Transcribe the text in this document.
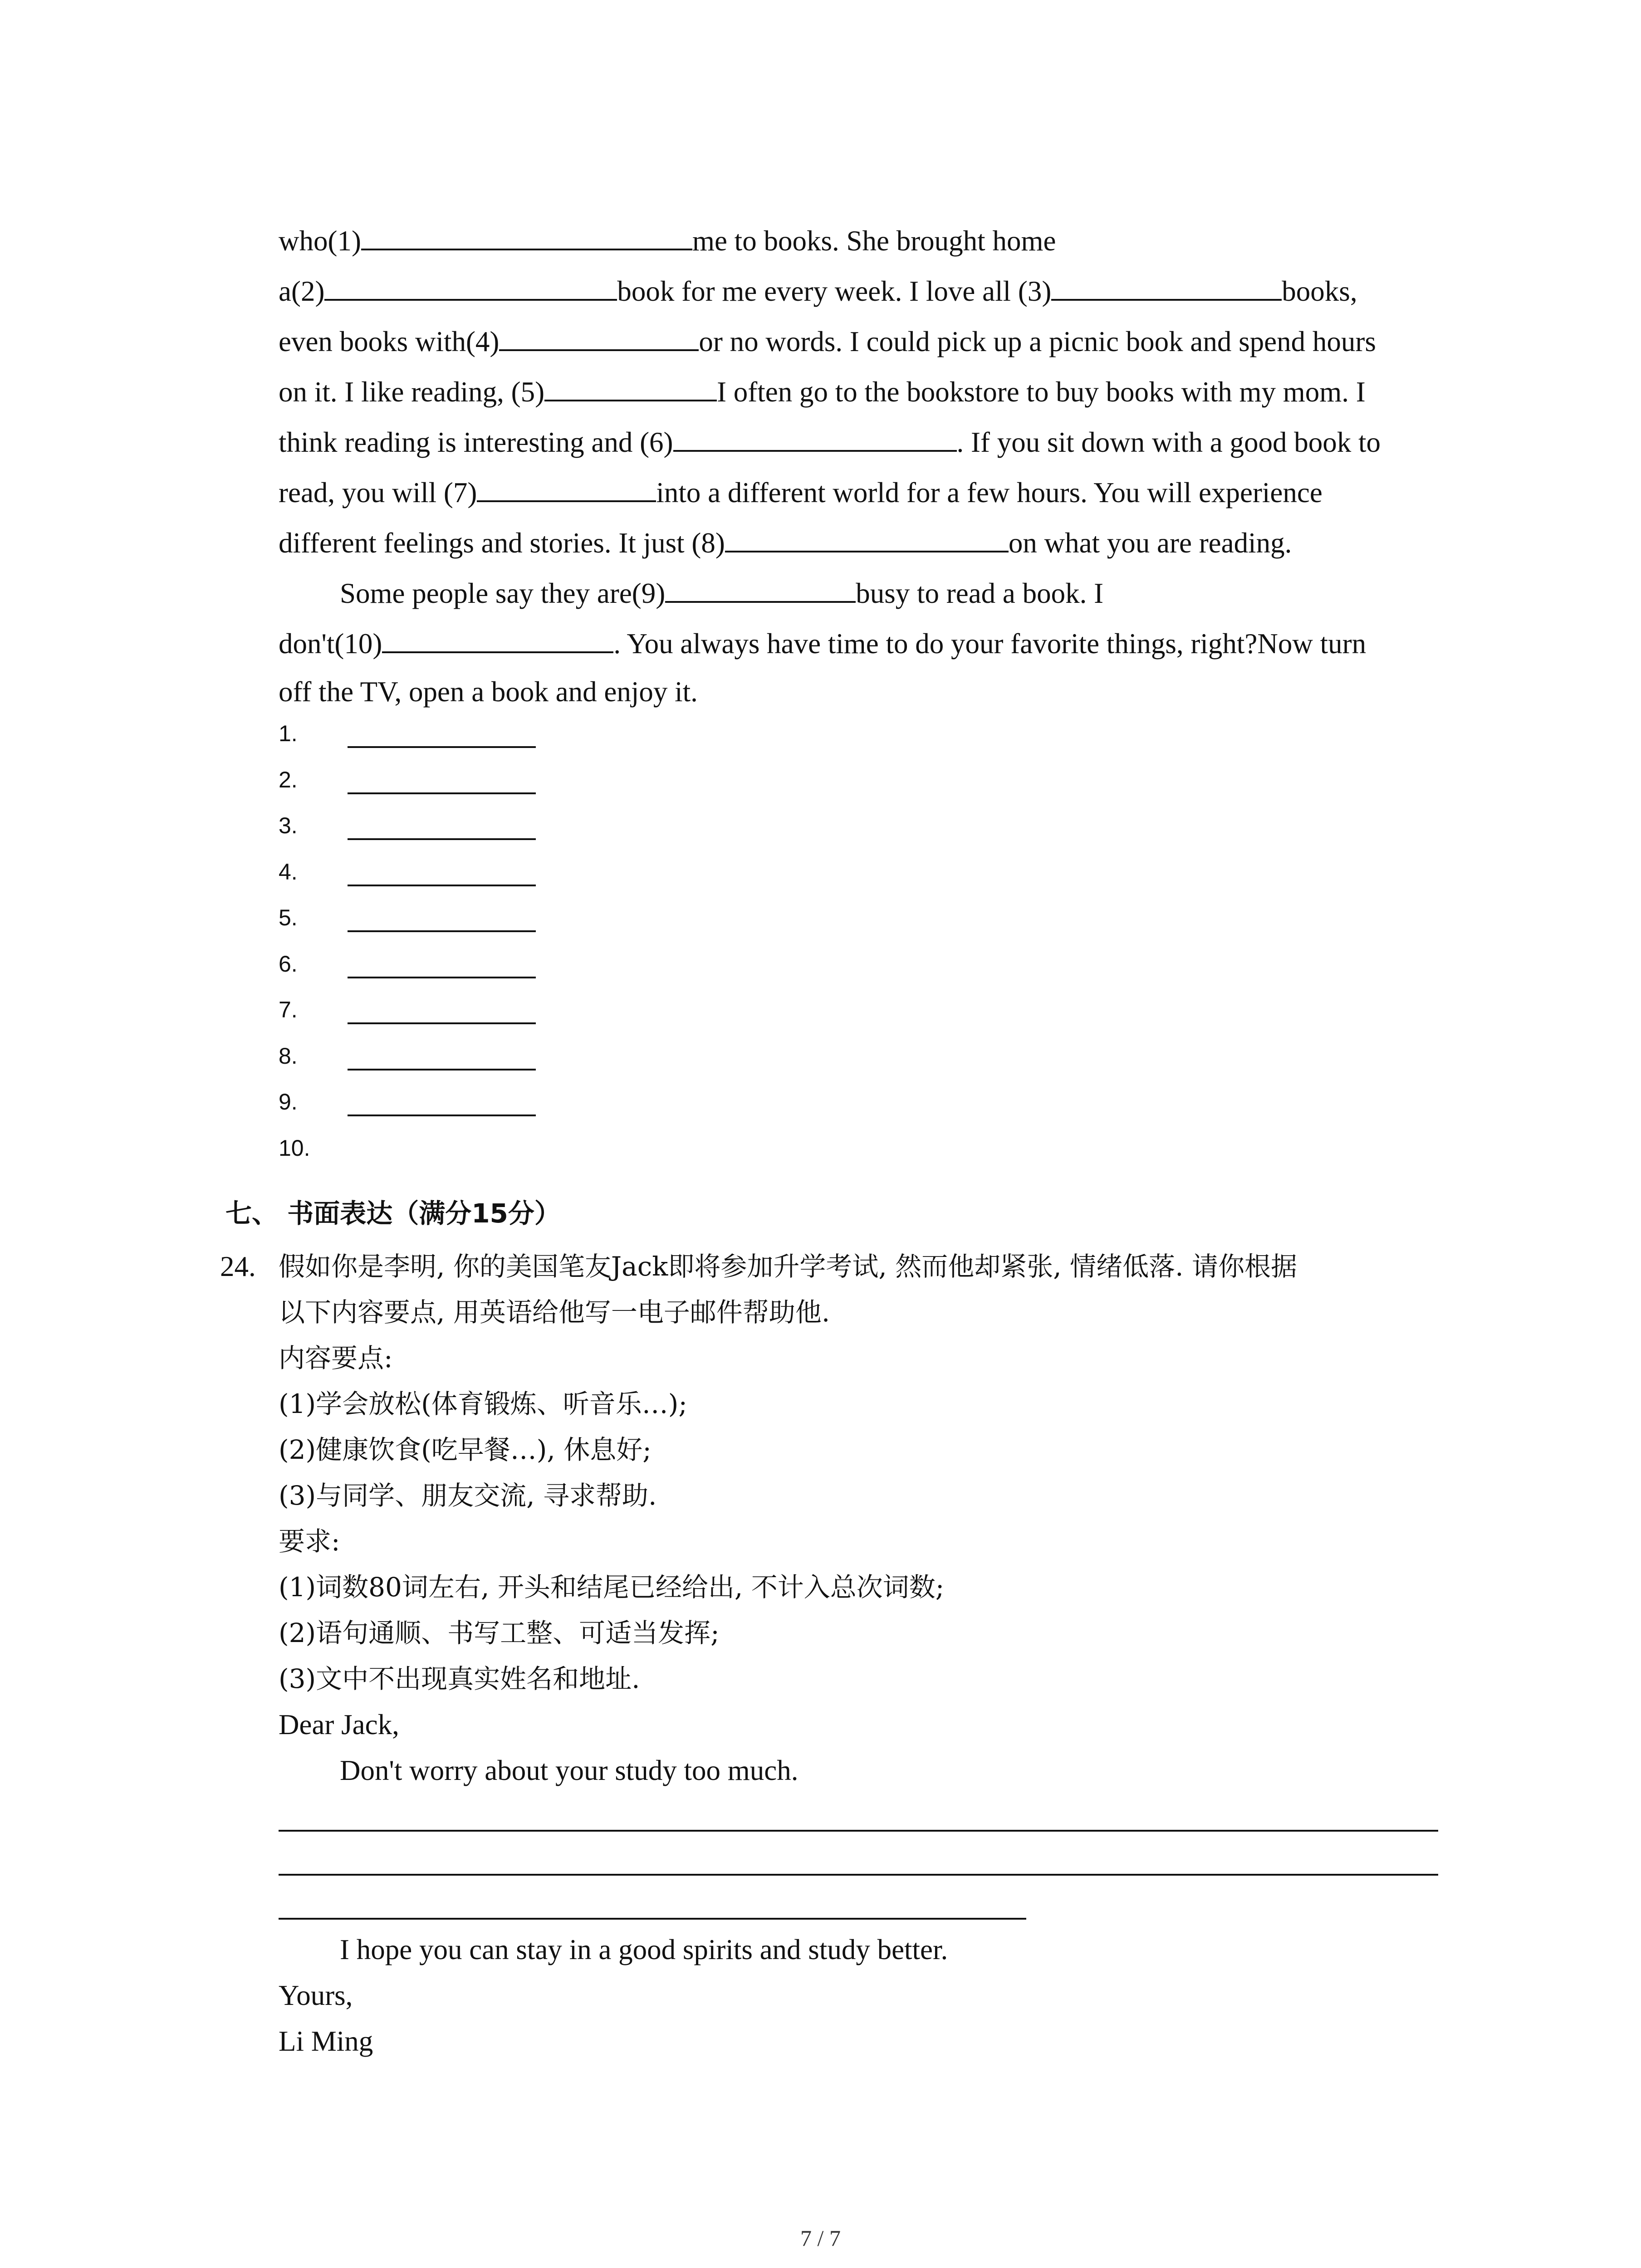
who(1)	me to books. She brought home
a(2)	book for me every week. I love all (3)	books,
even books with(4)	or no words. I could pick up a picnic book and spend hours
on it. I like reading, (5)	I often go to the bookstore to buy books with my mom. I
think reading is interesting and (6)	. If you sit down with a good book to
read, you will (7)	into a different world for a few hours. You will experience
different feelings and stories. It just (8)	on what you are reading.
Some people say they are(9)	busy to read a book. I
don't(10)	. You always have time to do your favorite things, right?Now turn
off the TV, open a book and enjoy it.
1.
2.
3.
4.
5.
6.
7.
8.
9.
10.
七、 书面表达（满分15分）
24. 假如你是李明, 你的美国笔友Jack即将参加升学考试, 然而他却紧张, 情绪低落. 请你根据
以下内容要点, 用英语给他写一电子邮件帮助他.
内容要点:
(1)学会放松(体育锻炼、听音乐…);
(2)健康饮食(吃早餐…), 休息好;
(3)与同学、朋友交流, 寻求帮助.
要求:
(1)词数80词左右, 开头和结尾已经给出, 不计入总次词数;
(2)语句通顺、书写工整、可适当发挥;
(3)文中不出现真实姓名和地址.
Dear Jack,
Don't worry about your study too much.
I hope you can stay in a good spirits and study better.
Yours,
Li Ming
7 / 7
